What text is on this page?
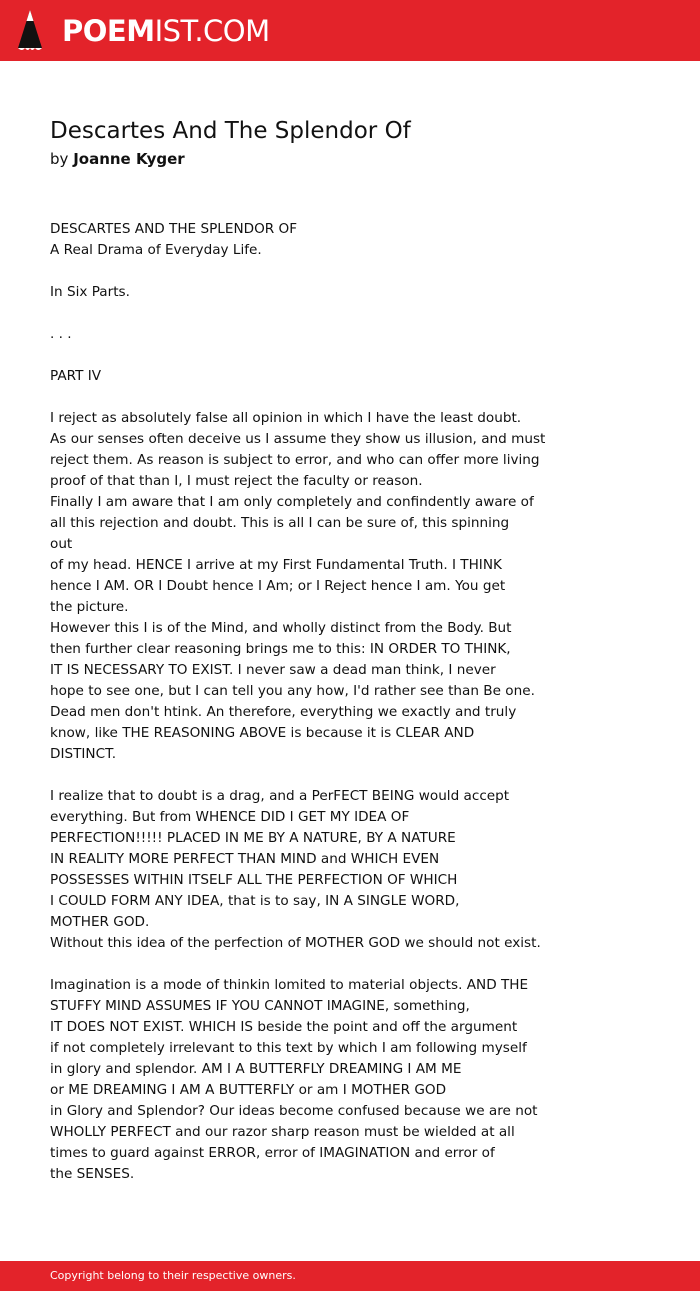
POEMIST.COM
Descartes And The Splendor Of
by Joanne Kyger
DESCARTES AND THE SPLENDOR OF
A Real Drama of Everyday Life.
In Six Parts.
. . .
PART IV
I reject as absolutely false all opinion in which I have the least doubt.
As our senses often deceive us I assume they show us illusion, and must
reject them. As reason is subject to error, and who can offer more living
proof of that than I, I must reject the faculty or reason.
Finally I am aware that I am only completely and confindently aware of
all this rejection and doubt. This is all I can be sure of, this spinning
out
of my head. HENCE I arrive at my First Fundamental Truth. I THINK
hence I AM. OR I Doubt hence I Am; or I Reject hence I am. You get
the picture.
However this I is of the Mind, and wholly distinct from the Body. But
then further clear reasoning brings me to this: IN ORDER TO THINK,
IT IS NECESSARY TO EXIST. I never saw a dead man think, I never
hope to see one, but I can tell you any how, I'd rather see than Be one.
Dead men don't htink. An therefore, everything we exactly and truly
know, like THE REASONING ABOVE is because it is CLEAR AND
DISTINCT.
I realize that to doubt is a drag, and a PerFECT BEING would accept
everything. But from WHENCE DID I GET MY IDEA OF
PERFECTION!!!!! PLACED IN ME BY A NATURE, BY A NATURE
IN REALITY MORE PERFECT THAN MIND and WHICH EVEN
POSSESSES WITHIN ITSELF ALL THE PERFECTION OF WHICH
I COULD FORM ANY IDEA, that is to say, IN A SINGLE WORD,
MOTHER GOD.
Without this idea of the perfection of MOTHER GOD we should not exist.
Imagination is a mode of thinkin lomited to material objects. AND THE
STUFFY MIND ASSUMES IF YOU CANNOT IMAGINE, something,
IT DOES NOT EXIST. WHICH IS beside the point and off the argument
if not completely irrelevant to this text by which I am following myself
in glory and splendor. AM I A BUTTERFLY DREAMING I AM ME
or ME DREAMING I AM A BUTTERFLY or am I MOTHER GOD
in Glory and Splendor? Our ideas become confused because we are not
WHOLLY PERFECT and our razor sharp reason must be wielded at all
times to guard against ERROR, error of IMAGINATION and error of
the SENSES.
Copyright belong to their respective owners.
